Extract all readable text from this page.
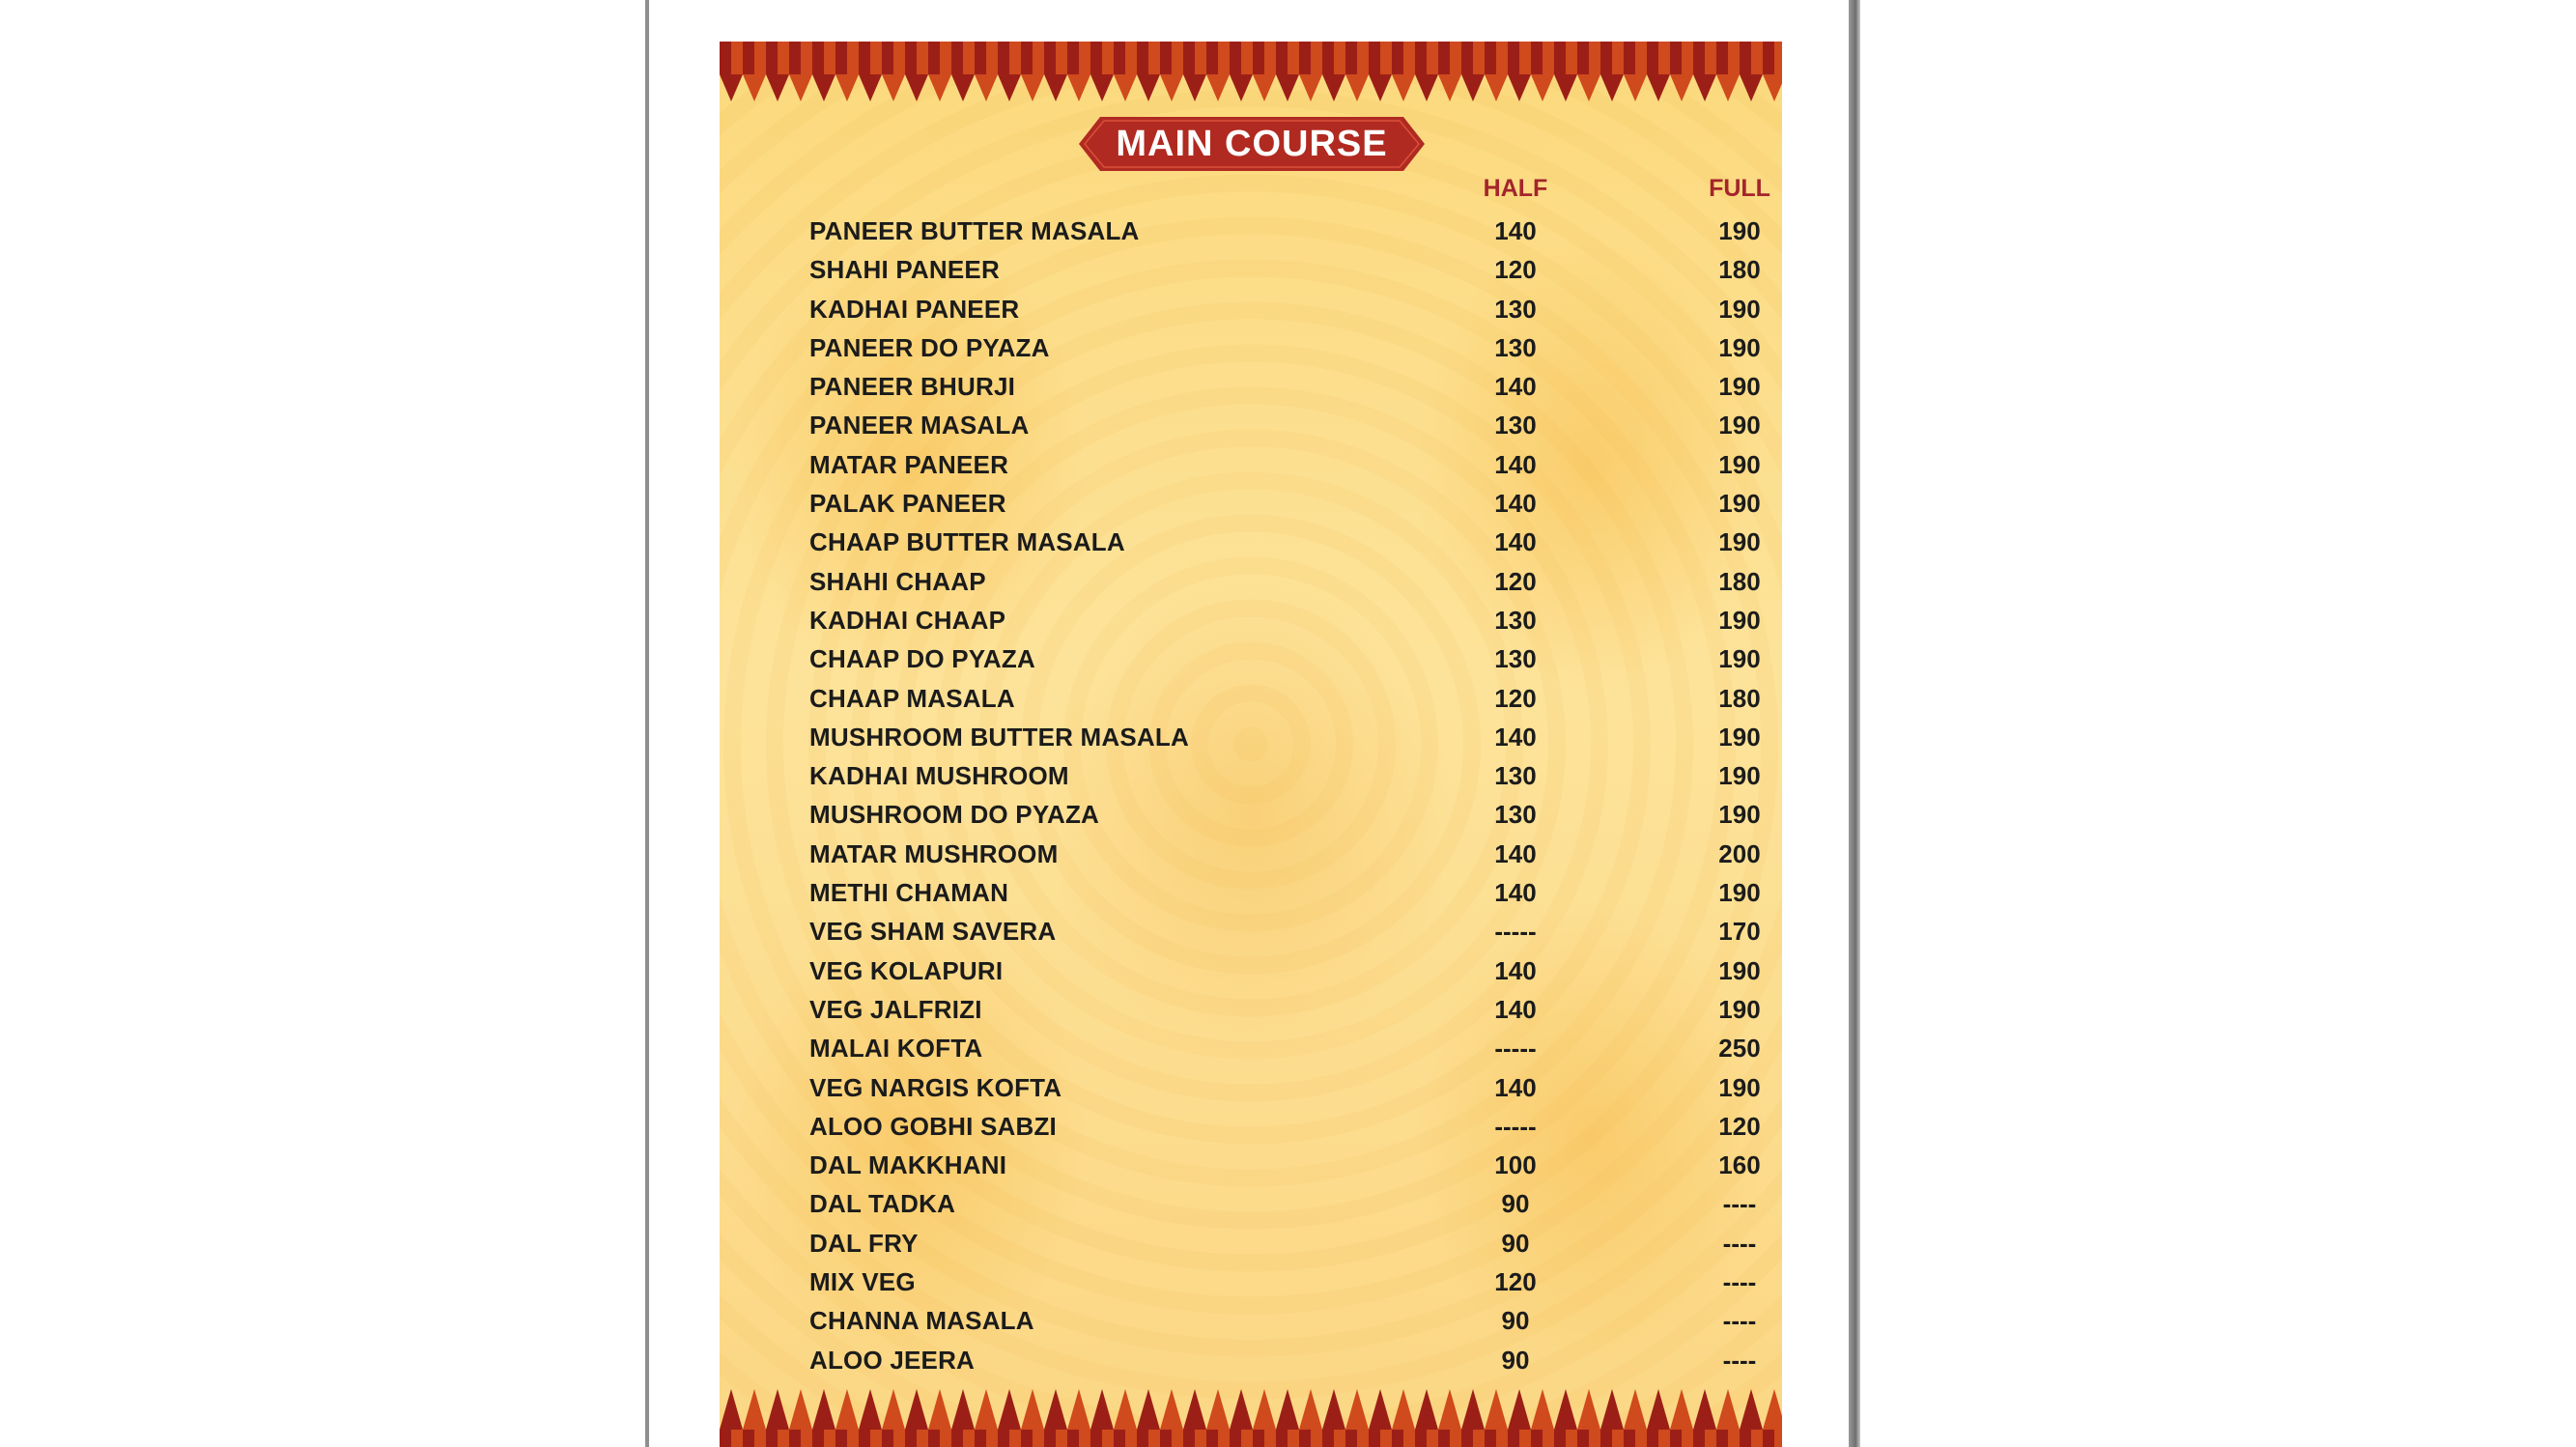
MAIN COURSE
HALF	FULL
PANEER BUTTER MASALA	140	190
SHAHI PANEER	120	180
KADHAI PANEER	130	190
PANEER DO PYAZA	130	190
PANEER BHURJI	140	190
PANEER MASALA	130	190
MATAR PANEER	140	190
PALAK PANEER	140	190
CHAAP BUTTER MASALA	140	190
SHAHI CHAAP	120	180
KADHAI CHAAP	130	190
CHAAP DO PYAZA	130	190
CHAAP MASALA	120	180
MUSHROOM BUTTER MASALA	140	190
KADHAI MUSHROOM	130	190
MUSHROOM DO PYAZA	130	190
MATAR MUSHROOM	140	200
METHI CHAMAN	140	190
VEG SHAM SAVERA	-----	170
VEG KOLAPURI	140	190
VEG JALFRIZI	140	190
MALAI KOFTA	-----	250
VEG NARGIS KOFTA	140	190
ALOO GOBHI SABZI	-----	120
DAL MAKKHANI	100	160
DAL TADKA	90	----
DAL FRY	90	----
MIX VEG	120	----
CHANNA MASALA	90	----
ALOO JEERA	90	----
